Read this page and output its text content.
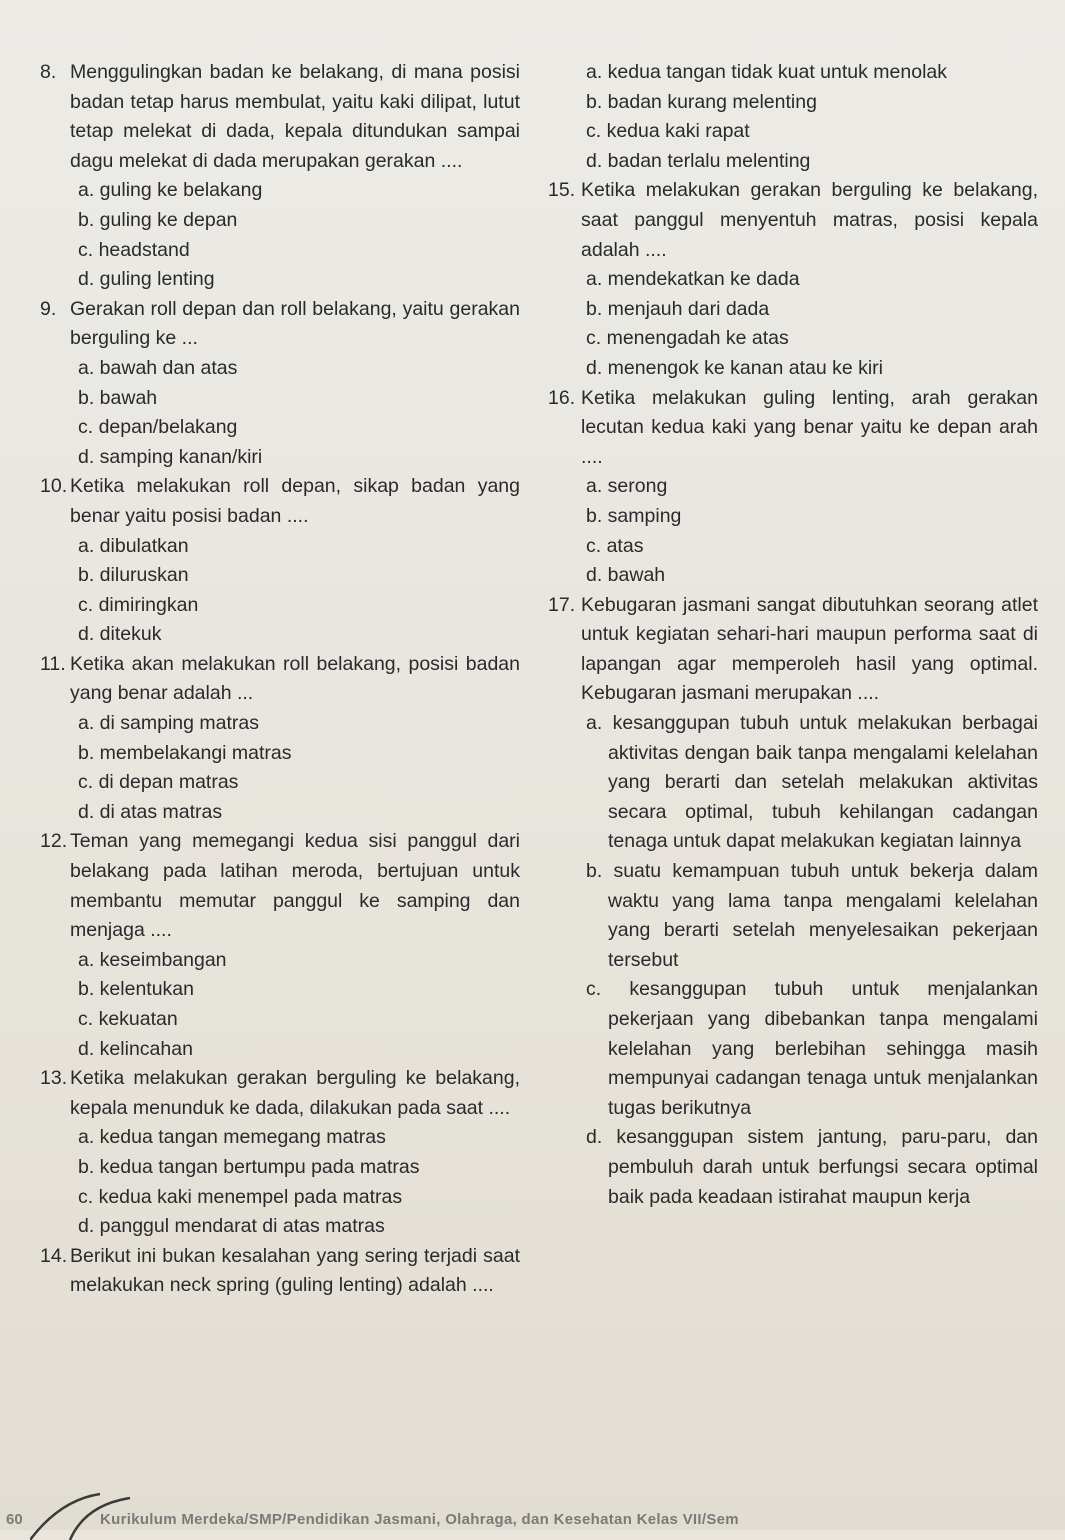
8. Menggulingkan badan ke belakang, di mana posisi badan tetap harus membulat, yaitu kaki dilipat, lutut tetap melekat di dada, kepala ditundukan sampai dagu melekat di dada merupakan gerakan ....
a. guling ke belakang
b. guling ke depan
c. headstand
d. guling lenting
9. Gerakan roll depan dan roll belakang, yaitu gerakan berguling ke ...
a. bawah dan atas
b. bawah
c. depan/belakang
d. samping kanan/kiri
10. Ketika melakukan roll depan, sikap badan yang benar yaitu posisi badan ....
a. dibulatkan
b. diluruskan
c. dimiringkan
d. ditekuk
11. Ketika akan melakukan roll belakang, posisi badan yang benar adalah ...
a. di samping matras
b. membelakangi matras
c. di depan matras
d. di atas matras
12. Teman yang memegangi kedua sisi panggul dari belakang pada latihan meroda, bertujuan untuk membantu memutar panggul ke samping dan menjaga ....
a. keseimbangan
b. kelentukan
c. kekuatan
d. kelincahan
13. Ketika melakukan gerakan berguling ke belakang, kepala menunduk ke dada, dilakukan pada saat ....
a. kedua tangan memegang matras
b. kedua tangan bertumpu pada matras
c. kedua kaki menempel pada matras
d. panggul mendarat di atas matras
14. Berikut ini bukan kesalahan yang sering terjadi saat melakukan neck spring (guling lenting) adalah ....
a. kedua tangan tidak kuat untuk menolak
b. badan kurang melenting
c. kedua kaki rapat
d. badan terlalu melenting
15. Ketika melakukan gerakan berguling ke belakang, saat panggul menyentuh matras, posisi kepala adalah ....
a. mendekatkan ke dada
b. menjauh dari dada
c. menengadah ke atas
d. menengok ke kanan atau ke kiri
16. Ketika melakukan guling lenting, arah gerakan lecutan kedua kaki yang benar yaitu ke depan arah ....
a. serong
b. samping
c. atas
d. bawah
17. Kebugaran jasmani sangat dibutuhkan seorang atlet untuk kegiatan sehari-hari maupun performa saat di lapangan agar memperoleh hasil yang optimal. Kebugaran jasmani merupakan ....
a. kesanggupan tubuh untuk melakukan berbagai aktivitas dengan baik tanpa mengalami kelelahan yang berarti dan setelah melakukan aktivitas secara optimal, tubuh kehilangan cadangan tenaga untuk dapat melakukan kegiatan lainnya
b. suatu kemampuan tubuh untuk bekerja dalam waktu yang lama tanpa mengalami kelelahan yang berarti setelah menyelesaikan pekerjaan tersebut
c. kesanggupan tubuh untuk menjalankan pekerjaan yang dibebankan tanpa mengalami kelelahan yang berlebihan sehingga masih mempunyai cadangan tenaga untuk menjalankan tugas berikutnya
d. kesanggupan sistem jantung, paru-paru, dan pembuluh darah untuk berfungsi secara optimal baik pada keadaan istirahat maupun kerja
60	Kurikulum Merdeka/SMP/Pendidikan Jasmani, Olahraga, dan Kesehatan Kelas VII/Sem
